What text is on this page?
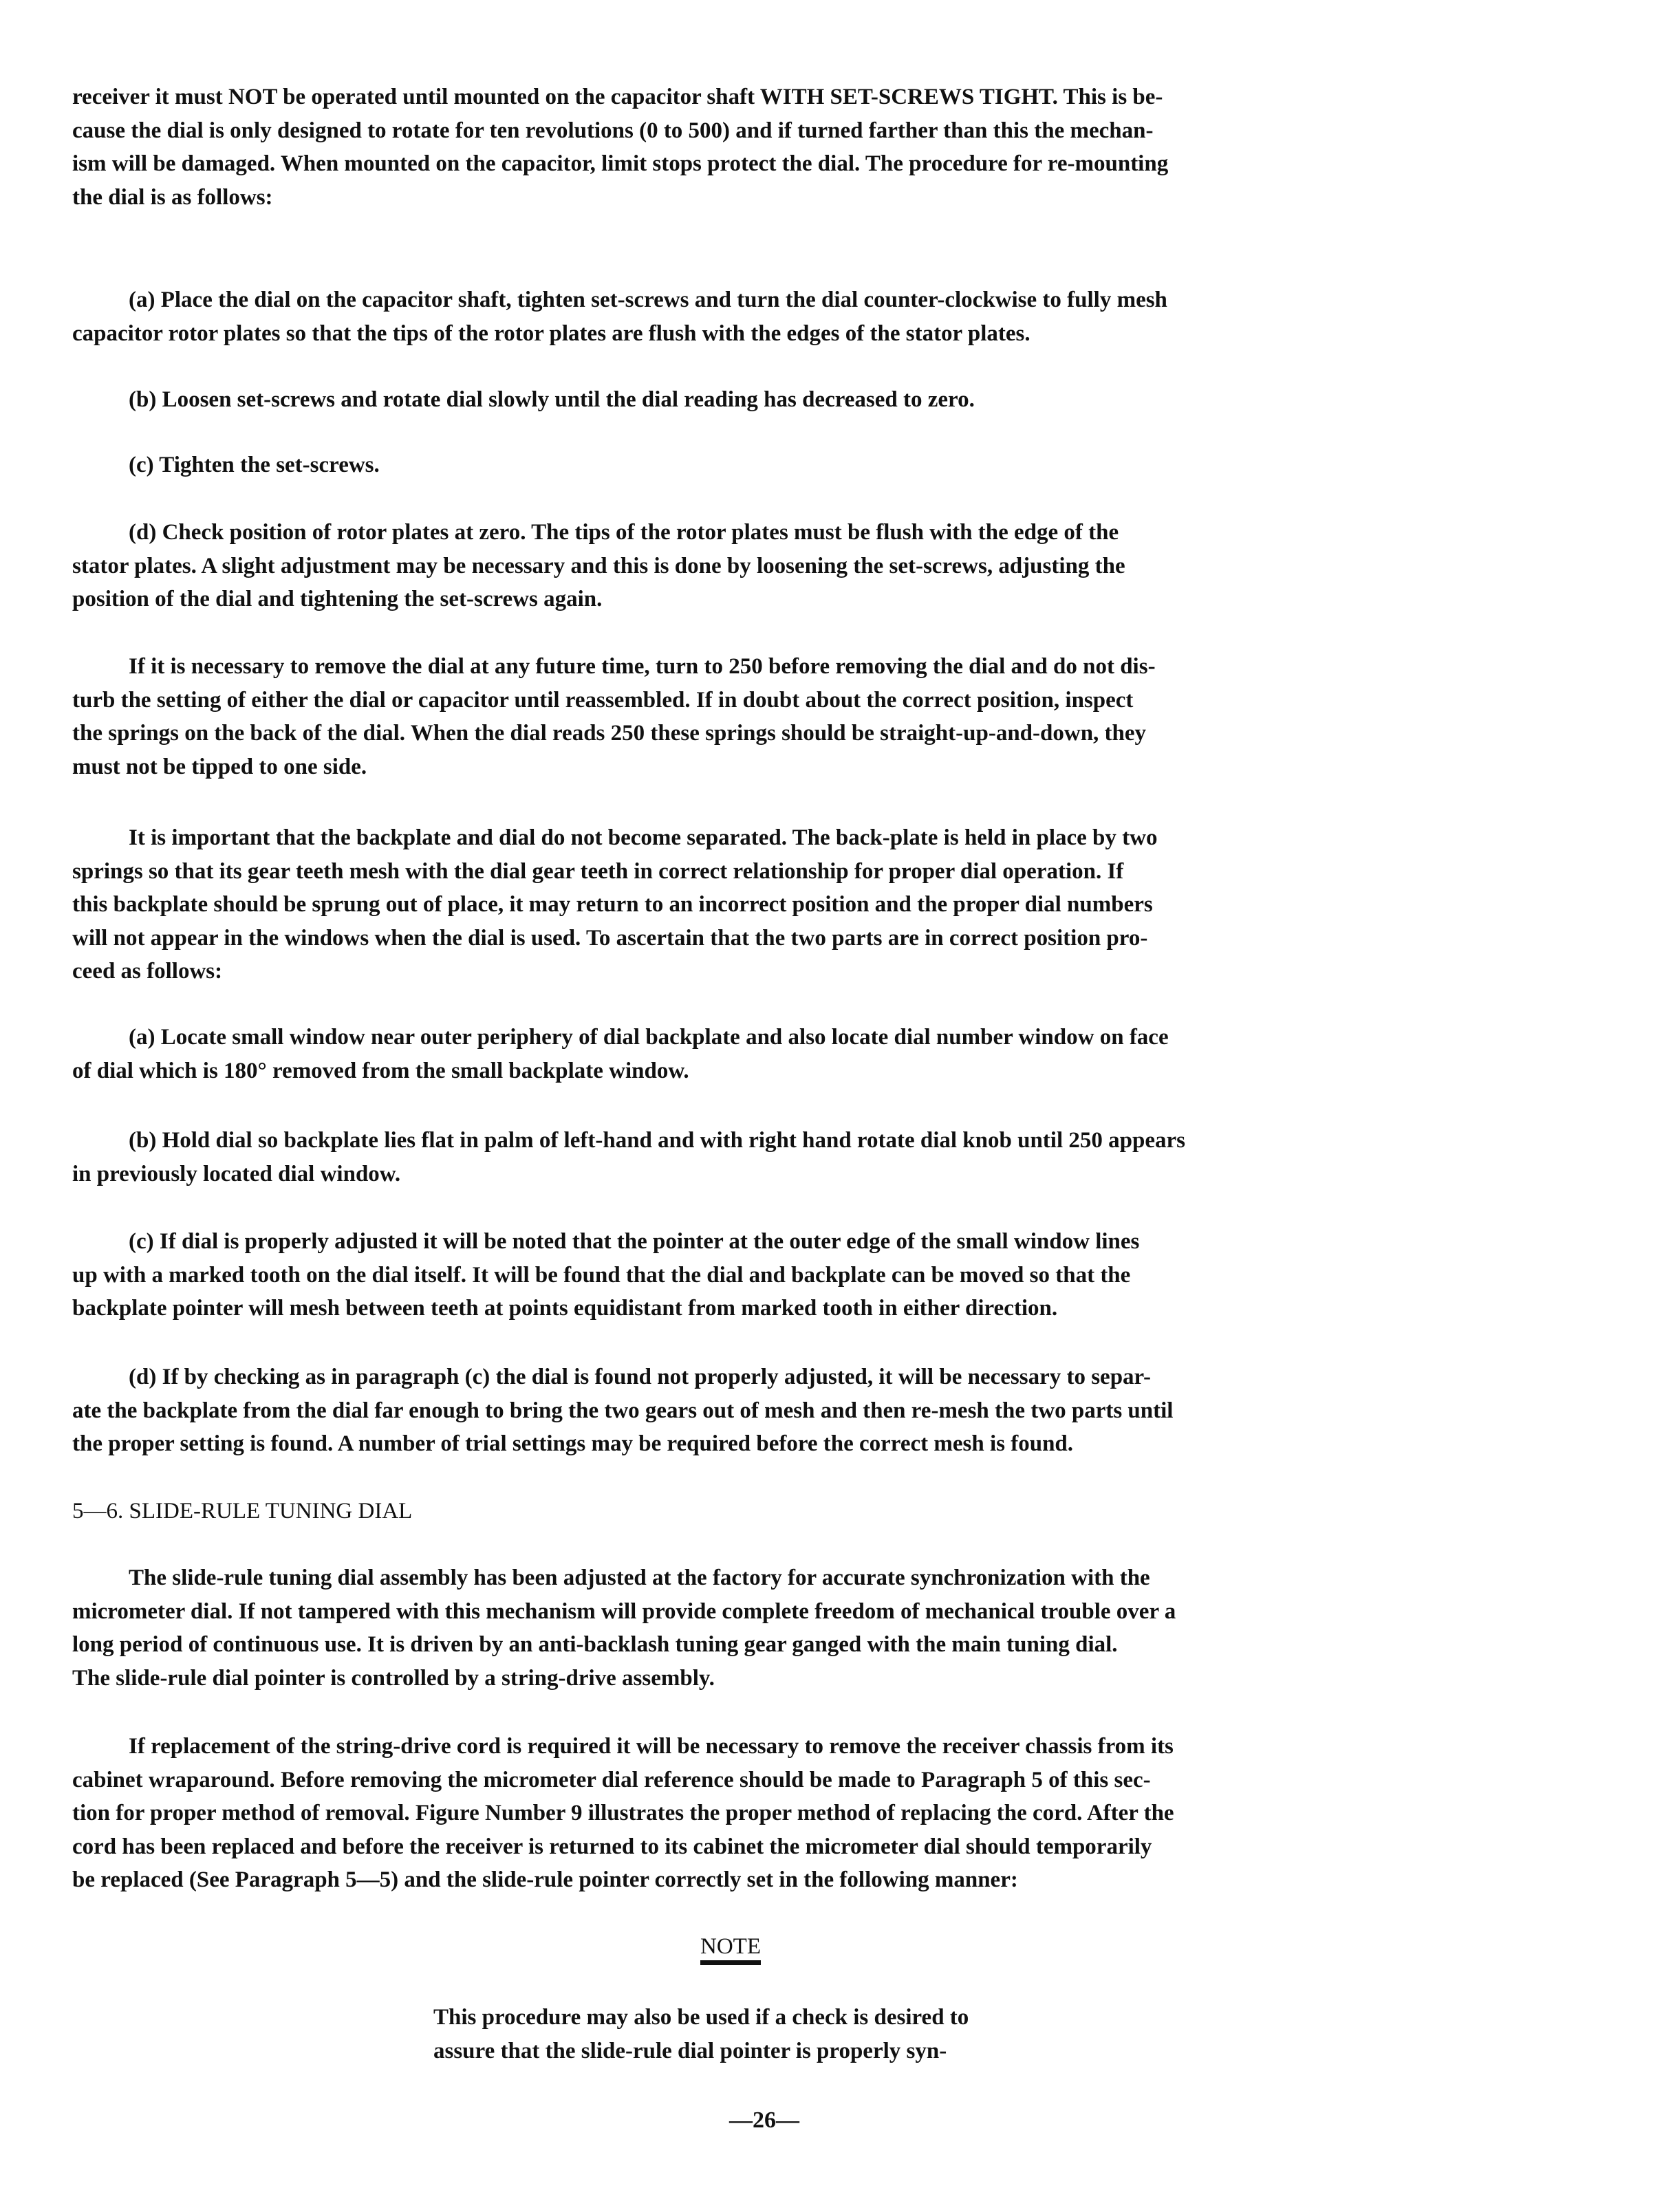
receiver it must NOT be operated until mounted on the capacitor shaft WITH SET-SCREWS TIGHT. This is be-
cause the dial is only designed to rotate for ten revolutions (0 to 500) and if turned farther than this the mechan-
ism will be damaged. When mounted on the capacitor, limit stops protect the dial. The procedure for re-mounting
the dial is as follows:
(a) Place the dial on the capacitor shaft, tighten set-screws and turn the dial counter-clockwise to fully mesh
capacitor rotor plates so that the tips of the rotor plates are flush with the edges of the stator plates.
(b) Loosen set-screws and rotate dial slowly until the dial reading has decreased to zero.
(c) Tighten the set-screws.
(d) Check position of rotor plates at zero. The tips of the rotor plates must be flush with the edge of the
stator plates. A slight adjustment may be necessary and this is done by loosening the set-screws, adjusting the
position of the dial and tightening the set-screws again.
If it is necessary to remove the dial at any future time, turn to 250 before removing the dial and do not dis-
turb the setting of either the dial or capacitor until reassembled. If in doubt about the correct position, inspect
the springs on the back of the dial. When the dial reads 250 these springs should be straight-up-and-down, they
must not be tipped to one side.
It is important that the backplate and dial do not become separated. The back-plate is held in place by two
springs so that its gear teeth mesh with the dial gear teeth in correct relationship for proper dial operation. If
this backplate should be sprung out of place, it may return to an incorrect position and the proper dial numbers
will not appear in the windows when the dial is used. To ascertain that the two parts are in correct position pro-
ceed as follows:
(a) Locate small window near outer periphery of dial backplate and also locate dial number window on face
of dial which is 180° removed from the small backplate window.
(b) Hold dial so backplate lies flat in palm of left-hand and with right hand rotate dial knob until 250 appears
in previously located dial window.
(c) If dial is properly adjusted it will be noted that the pointer at the outer edge of the small window lines
up with a marked tooth on the dial itself. It will be found that the dial and backplate can be moved so that the
backplate pointer will mesh between teeth at points equidistant from marked tooth in either direction.
(d) If by checking as in paragraph (c) the dial is found not properly adjusted, it will be necessary to separ-
ate the backplate from the dial far enough to bring the two gears out of mesh and then re-mesh the two parts until
the proper setting is found. A number of trial settings may be required before the correct mesh is found.
5—6. SLIDE-RULE TUNING DIAL
The slide-rule tuning dial assembly has been adjusted at the factory for accurate synchronization with the
micrometer dial. If not tampered with this mechanism will provide complete freedom of mechanical trouble over a
long period of continuous use. It is driven by an anti-backlash tuning gear ganged with the main tuning dial.
The slide-rule dial pointer is controlled by a string-drive assembly.
If replacement of the string-drive cord is required it will be necessary to remove the receiver chassis from its
cabinet wraparound. Before removing the micrometer dial reference should be made to Paragraph 5 of this sec-
tion for proper method of removal. Figure Number 9 illustrates the proper method of replacing the cord. After the
cord has been replaced and before the receiver is returned to its cabinet the micrometer dial should temporarily
be replaced (See Paragraph 5—5) and the slide-rule pointer correctly set in the following manner:
NOTE
This procedure may also be used if a check is desired to
assure that the slide-rule dial pointer is properly syn-
—26—
